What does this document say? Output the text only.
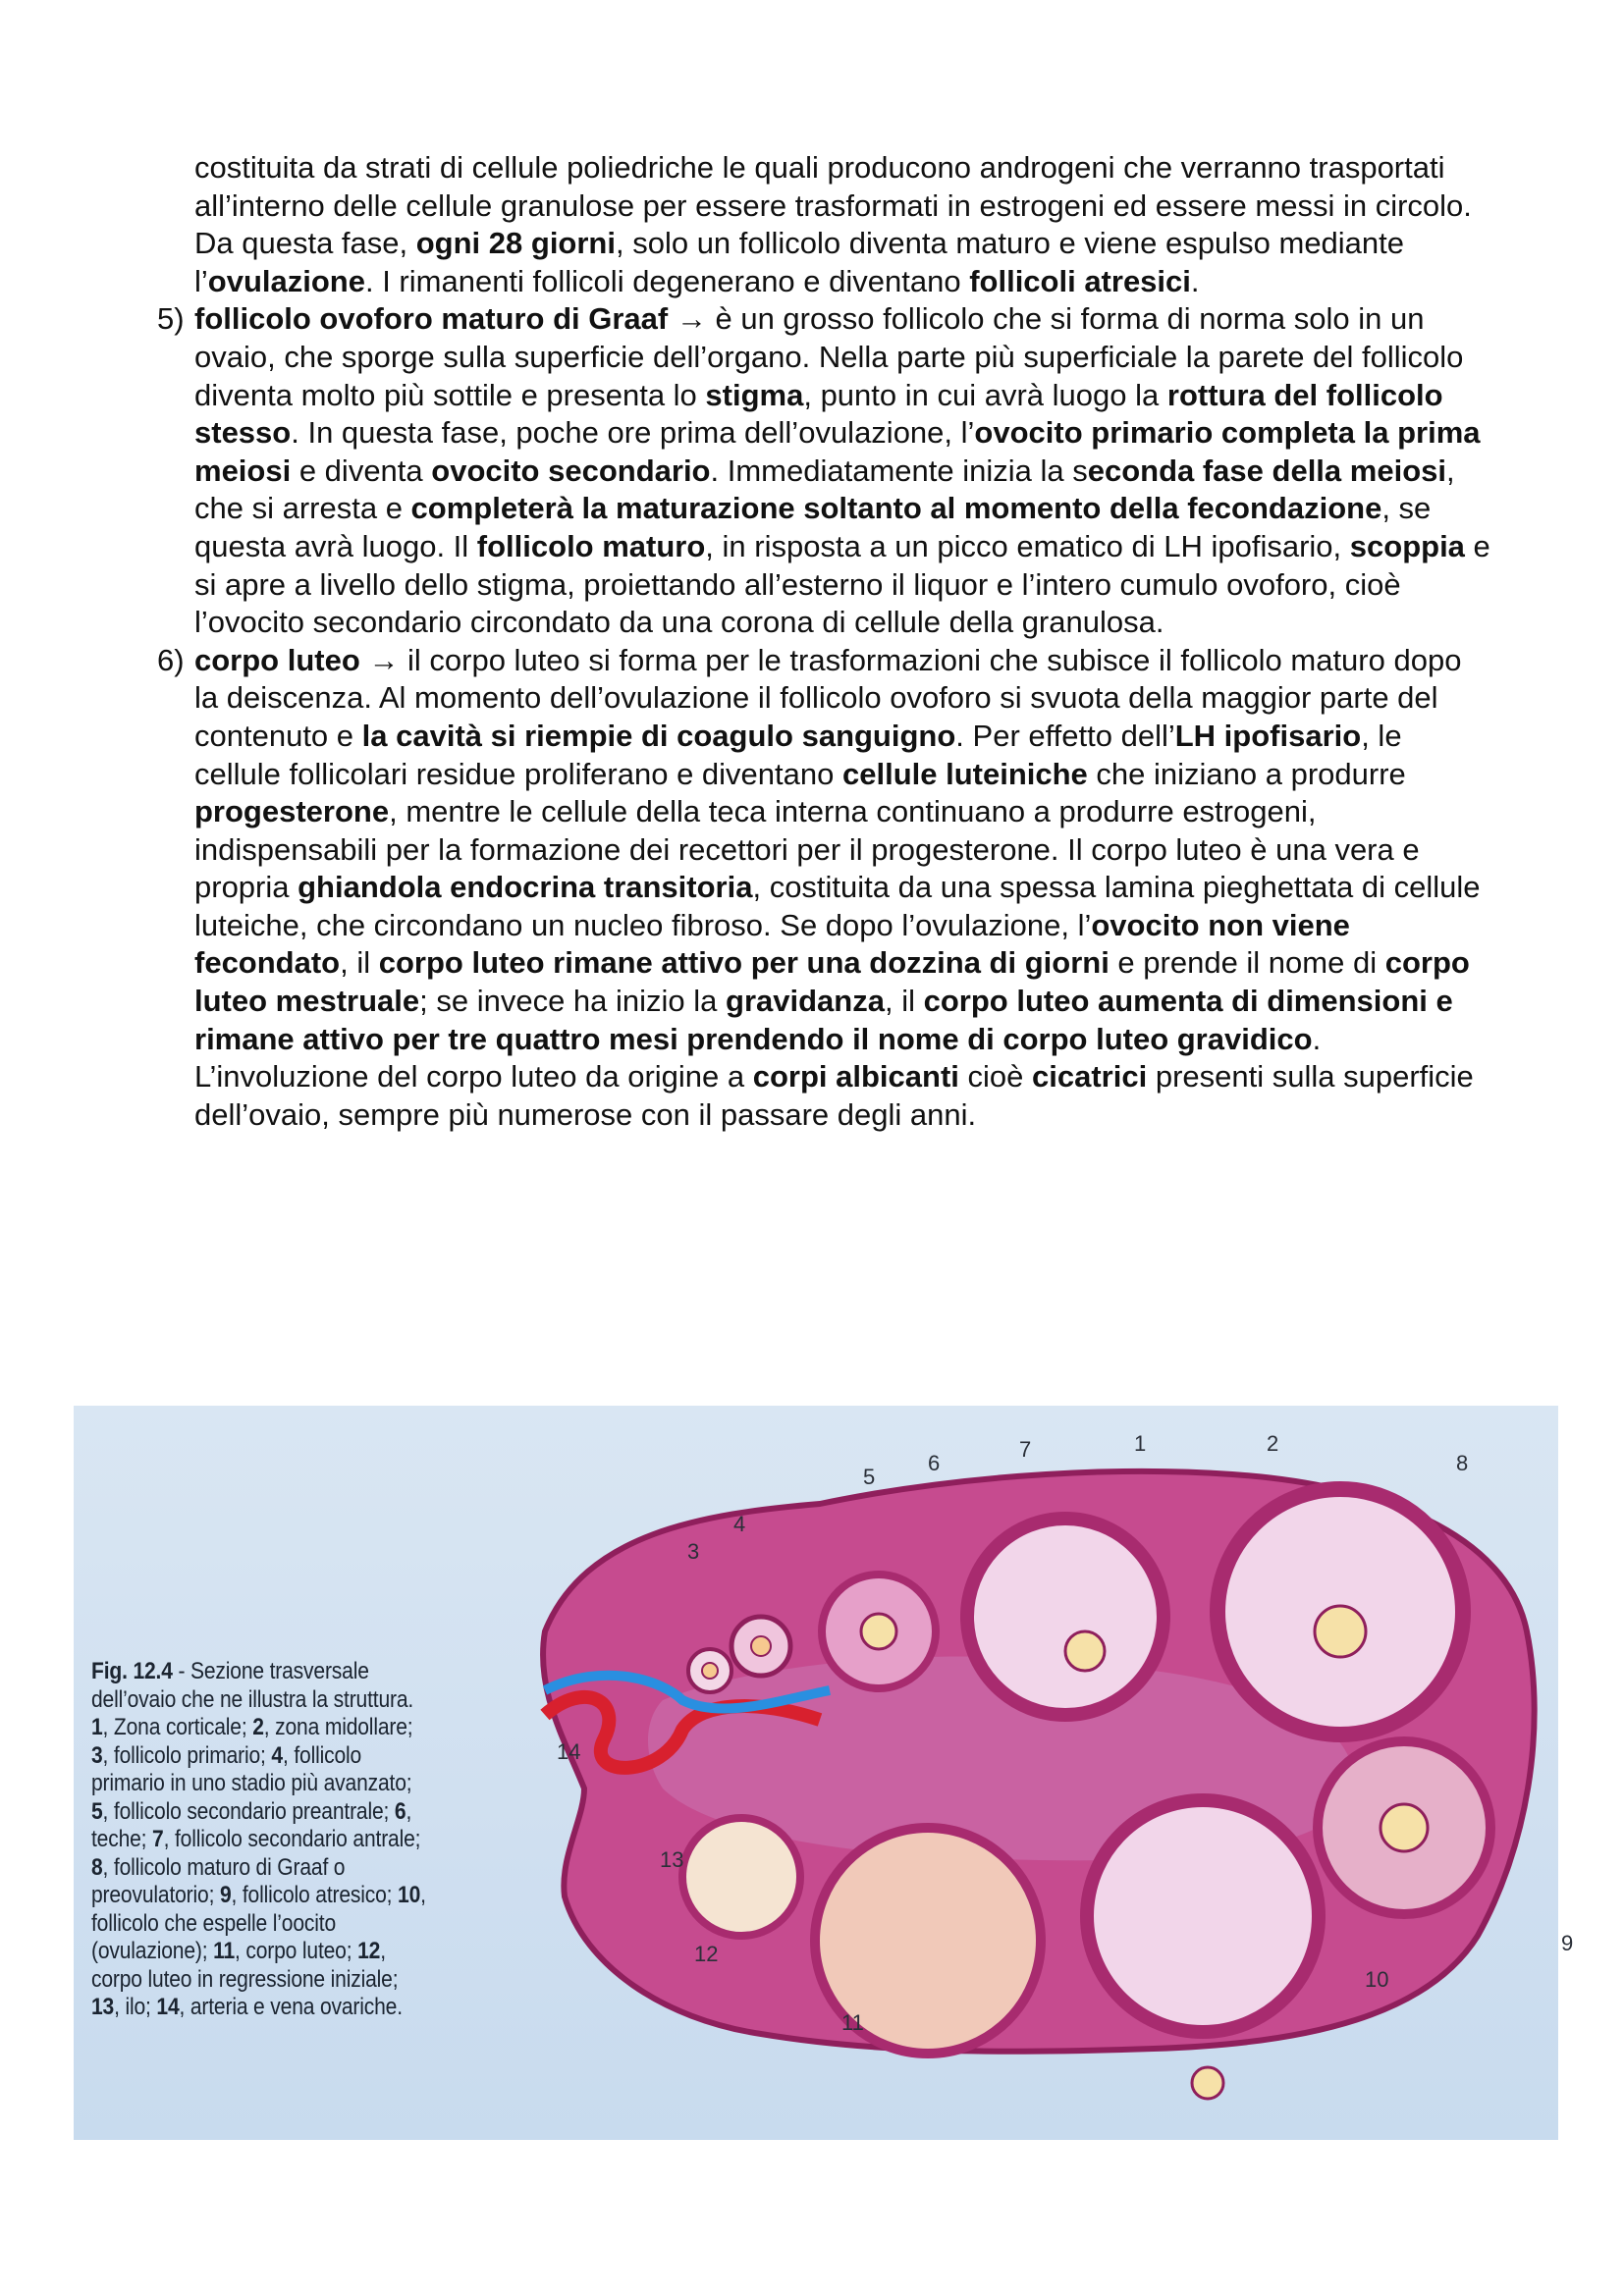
costituita da strati di cellule poliedriche le quali producono androgeni che verranno trasportati all’interno delle cellule granulose per essere trasformati in estrogeni ed essere messi in circolo. Da questa fase, ogni 28 giorni, solo un follicolo diventa maturo e viene espulso mediante l’ovulazione. I rimanenti follicoli degenerano e diventano follicoli atresici.

5) follicolo ovoforo maturo di Graaf → è un grosso follicolo che si forma di norma solo in un ovaio, che sporge sulla superficie dell’organo. Nella parte più superficiale la parete del follicolo diventa molto più sottile e presenta lo stigma, punto in cui avrà luogo la rottura del follicolo stesso. In questa fase, poche ore prima dell’ovulazione, l’ovocito primario completa la prima meiosi e diventa ovocito secondario. Immediatamente inizia la seconda fase della meiosi, che si arresta e completerà la maturazione soltanto al momento della fecondazione, se questa avrà luogo. Il follicolo maturo, in risposta a un picco ematico di LH ipofisario, scoppia e si apre a livello dello stigma, proiettando all’esterno il liquor e l’intero cumulo ovoforo, cioè l’ovocito secondario circondato da una corona di cellule della granulosa.
6) corpo luteo → il corpo luteo si forma per le trasformazioni che subisce il follicolo maturo dopo la deiscenza. Al momento dell’ovulazione il follicolo ovoforo si svuota della maggior parte del contenuto e la cavità si riempie di coagulo sanguigno. Per effetto dell’LH ipofisario, le cellule follicolari residue proliferano e diventano cellule luteiniche che iniziano a produrre progesterone, mentre le cellule della teca interna continuano a produrre estrogeni, indispensabili per la formazione dei recettori per il progesterone. Il corpo luteo è una vera e propria ghiandola endocrina transitoria, costituita da una spessa lamina pieghettata di cellule luteiche, che circondano un nucleo fibroso. Se dopo l’ovulazione, l’ovocito non viene fecondato, il corpo luteo rimane attivo per una dozzina di giorni e prende il nome di corpo luteo mestruale; se invece ha inizio la gravidanza, il corpo luteo aumenta di dimensioni e rimane attivo per tre quattro mesi prendendo il nome di corpo luteo gravidico. L’involuzione del corpo luteo da origine a corpi albicanti cioè cicatrici presenti sulla superficie dell’ovaio, sempre più numerose con il passare degli anni.
Fig. 12.4 - Sezione trasversale dell’ovaio che ne illustra la struttura. 1, Zona corticale; 2, zona midollare; 3, follicolo primario; 4, follicolo primario in uno stadio più avanzato; 5, follicolo secondario preantrale; 6, teche; 7, follicolo secondario antrale; 8, follicolo maturo di Graaf o preovulatorio; 9, follicolo atresico; 10, follicolo che espelle l’oocito (ovulazione); 11, corpo luteo; 12, corpo luteo in regressione iniziale; 13, ilo; 14, arteria e vena ovariche.
1	2
3
4
5
6
7
8
9
10
11
12
13
14
